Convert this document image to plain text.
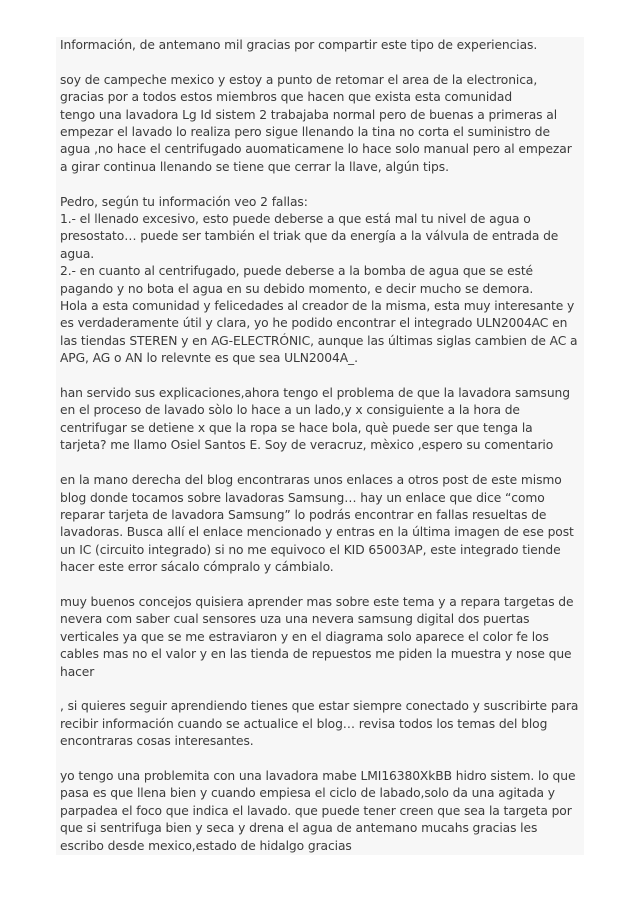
Información, de antemano mil gracias por compartir este tipo de experiencias.
soy de campeche mexico y estoy a punto de retomar el area de la electronica, gracias por a todos estos miembros que hacen que exista esta comunidad
tengo una lavadora Lg Id sistem 2 trabajaba normal pero de buenas a primeras al empezar el lavado lo realiza pero sigue llenando la tina no corta el suministro de agua ,no hace el centrifugado auomaticamene lo hace solo manual pero al empezar a girar continua llenando se tiene que cerrar la llave, algún tips.
Pedro, según tu información veo 2 fallas:
1.- el llenado excesivo, esto puede deberse a que está mal tu nivel de agua o presostato… puede ser también el triak que da energía a la válvula de entrada de agua.
2.- en cuanto al centrifugado, puede deberse a la bomba de agua que se esté pagando y no bota el agua en su debido momento, e decir mucho se demora.
Hola a esta comunidad y felicedades al creador de la misma, esta muy interesante y es verdaderamente útil y clara, yo he podido encontrar el integrado ULN2004AC en las tiendas STEREN y en AG-ELECTRÓNIC, aunque las últimas siglas cambien de AC a APG, AG o AN lo relevnte es que sea ULN2004A_.
han servido sus explicaciones,ahora tengo el problema de que la lavadora samsung en el proceso de lavado sòlo lo hace a un lado,y x consiguiente a la hora de centrifugar se detiene x que la ropa se hace bola, què puede ser que tenga la tarjeta? me llamo Osiel Santos E. Soy de veracruz, mèxico ,espero su comentario
en la mano derecha del blog encontraras unos enlaces a otros post de este mismo blog donde tocamos sobre lavadoras Samsung… hay un enlace que dice “como reparar tarjeta de lavadora Samsung” lo podrás encontrar en fallas resueltas de lavadoras. Busca allí el enlace mencionado y entras en la última imagen de ese post un IC (circuito integrado) si no me equivoco el KID 65003AP, este integrado tiende hacer este error sácalo cómpralo y cámbialo.
muy buenos concejos quisiera aprender mas sobre este tema y a repara targetas de nevera com saber cual sensores uza una nevera samsung digital dos puertas verticales ya que se me estraviaron y en el diagrama solo aparece el color fe los cables mas no el valor y en las tienda de repuestos me piden la muestra y nose que hacer
, si quieres seguir aprendiendo tienes que estar siempre conectado y suscribirte para recibir información cuando se actualice el blog… revisa todos los temas del blog encontraras cosas interesantes.
yo tengo una problemita con una lavadora mabe LMI16380XkBB hidro sistem. lo que pasa es que llena bien y cuando empiesa el ciclo de labado,solo da una agitada y parpadea el foco que indica el lavado. que puede tener creen que sea la targeta por que si sentrifuga bien y seca y drena el agua de antemano mucahs gracias les escribo desde mexico,estado de hidalgo gracias
